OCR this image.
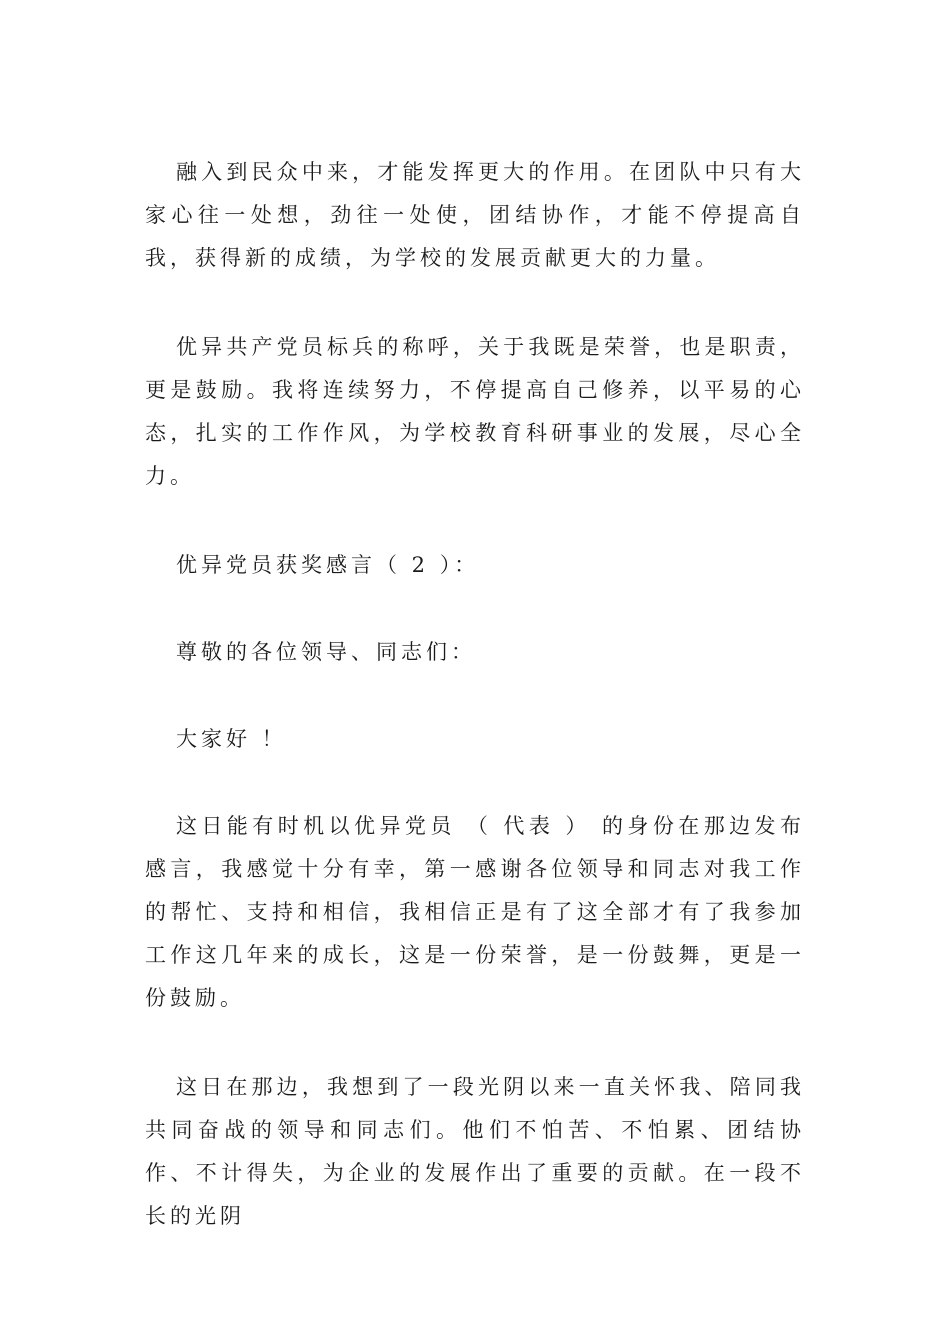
融入到民众中来，才能发挥更大的作用。在团队中只有大家心往一处想，劲往一处使，团结协作，才能不停提高自我，获得新的成绩，为学校的发展贡献更大的力量。

优异共产党员标兵的称呼，关于我既是荣誉，也是职责，更是鼓励。我将连续努力，不停提高自己修养，以平易的心态，扎实的工作作风，为学校教育科研事业的发展，尽心全力。

优异党员获奖感言（ 2 ）：

尊敬的各位领导、同志们：

大家好 ！

这日能有时机以优异党员 （ 代表 ） 的身份在那边发布感言，我感觉十分有幸，第一感谢各位领导和同志对我工作的帮忙、支持和相信，我相信正是有了这全部才有了我参加工作这几年来的成长，这是一份荣誉，是一份鼓舞，更是一份鼓励。

这日在那边，我想到了一段光阴以来一直关怀我、陪同我共同奋战的领导和同志们。他们不怕苦、不怕累、团结协作、不计得失，为企业的发展作出了重要的贡献。在一段不长的光阴
